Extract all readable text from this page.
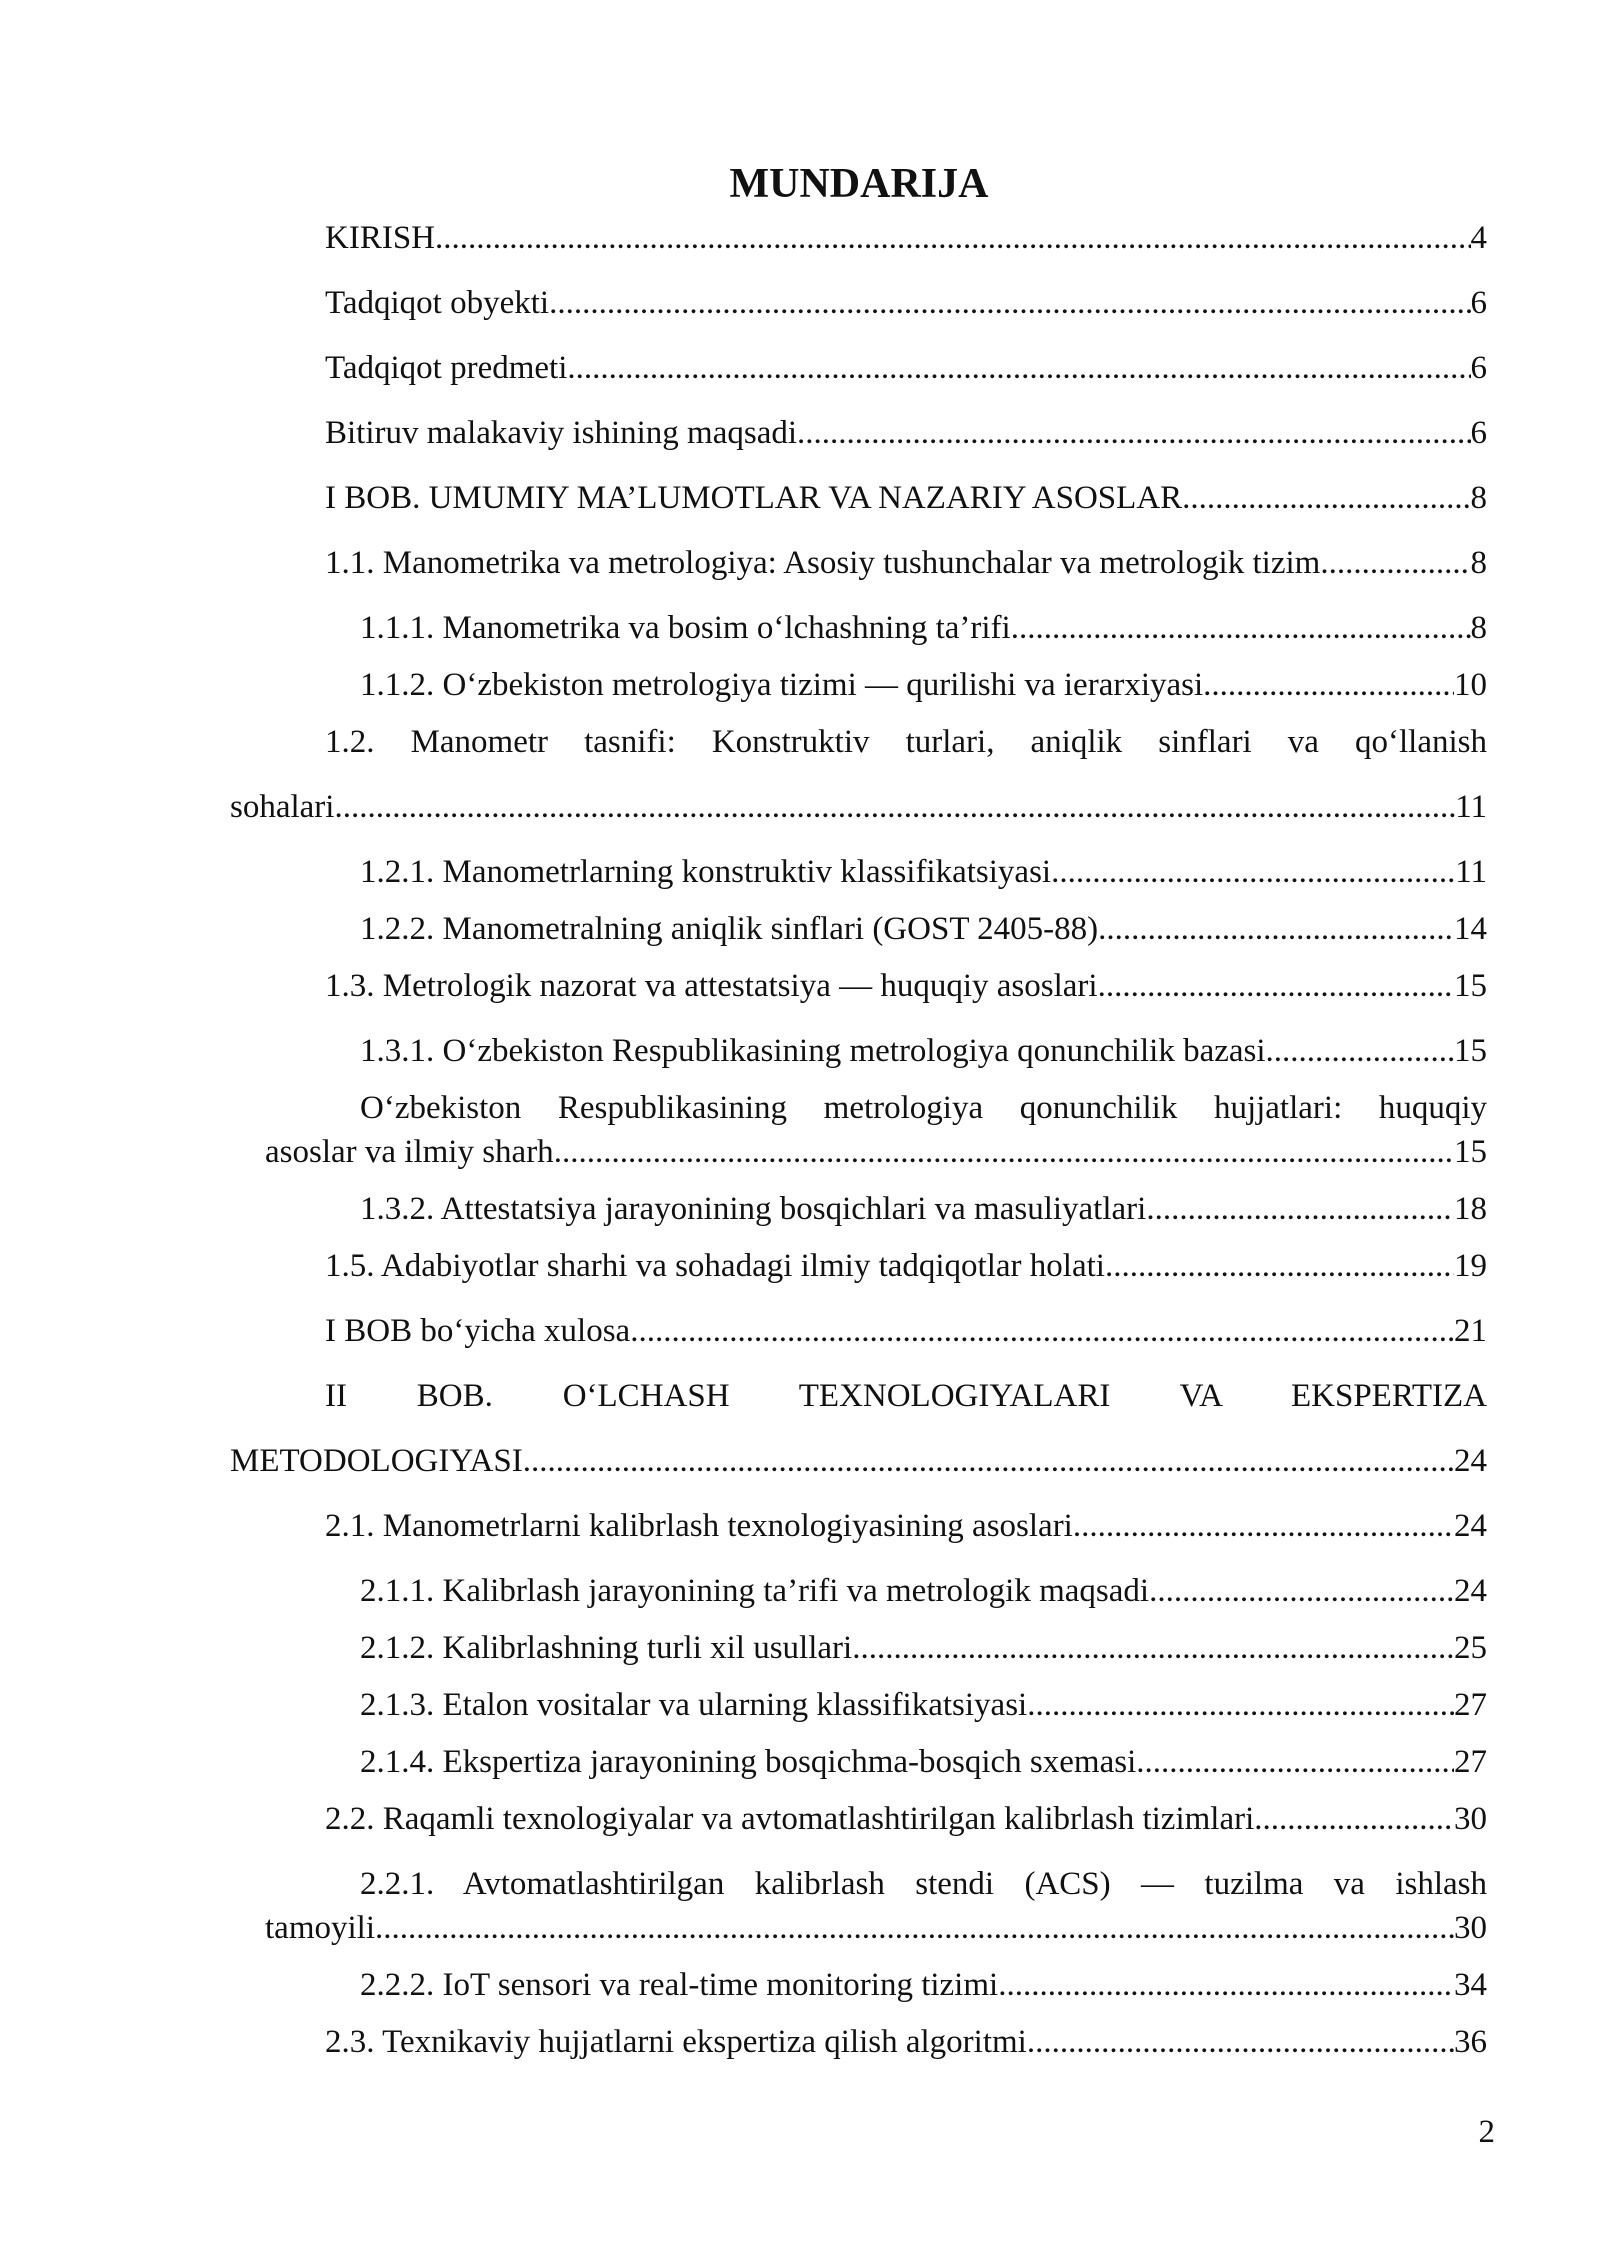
MUNDARIJA
KIRISH .....	4
Tadqiqot obyekti .....	6
Tadqiqot predmeti .....	6
Bitiruv malakaviy ishining maqsadi .....	6
I BOB. UMUMIY MA’LUMOTLAR VA NAZARIY ASOSLAR .....	8
1.1. Manometrika va metrologiya: Asosiy tushunchalar va metrologik tizim .....	8
1.1.1. Manometrika va bosim o‘lchashning ta’rifi .....	8
1.1.2. O‘zbekiston metrologiya tizimi — qurilishi va ierarxiyasi .....	10
1.2. Manometr tasnifi: Konstruktiv turlari, aniqlik sinflari va qo‘llanish
sohalari .....	11
1.2.1. Manometrlarning konstruktiv klassifikatsiyasi .....	11
1.2.2. Manometralning aniqlik sinflari (GOST 2405-88) .....	14
1.3. Metrologik nazorat va attestatsiya — huquqiy asoslari .....	15
1.3.1. O‘zbekiston Respublikasining metrologiya qonunchilik bazasi .....	15
O‘zbekiston Respublikasining metrologiya qonunchilik hujjatlari: huquqiy
asoslar va ilmiy sharh .....	15
1.3.2. Attestatsiya jarayonining bosqichlari va masuliyatlari .....	18
1.5. Adabiyotlar sharhi va sohadagi ilmiy tadqiqotlar holati .....	19
I BOB bo‘yicha xulosa .....	21
II BOB. O‘LCHASH TEXNOLOGIYALARI VA EKSPERTIZA
METODOLOGIYASI .....	24
2.1. Manometrlarni kalibrlash texnologiyasining asoslari .....	24
2.1.1. Kalibrlash jarayonining ta’rifi va metrologik maqsadi .....	24
2.1.2. Kalibrlashning turli xil usullari .....	25
2.1.3. Etalon vositalar va ularning klassifikatsiyasi .....	27
2.1.4. Ekspertiza jarayonining bosqichma-bosqich sxemasi .....	27
2.2. Raqamli texnologiyalar va avtomatlashtirilgan kalibrlash tizimlari .....	30
2.2.1. Avtomatlashtirilgan kalibrlash stendi (ACS) — tuzilma va ishlash
tamoyili .....	30
2.2.2. IoT sensori va real-time monitoring tizimi .....	34
2.3. Texnikaviy hujjatlarni ekspertiza qilish algoritmi .....	36
2
